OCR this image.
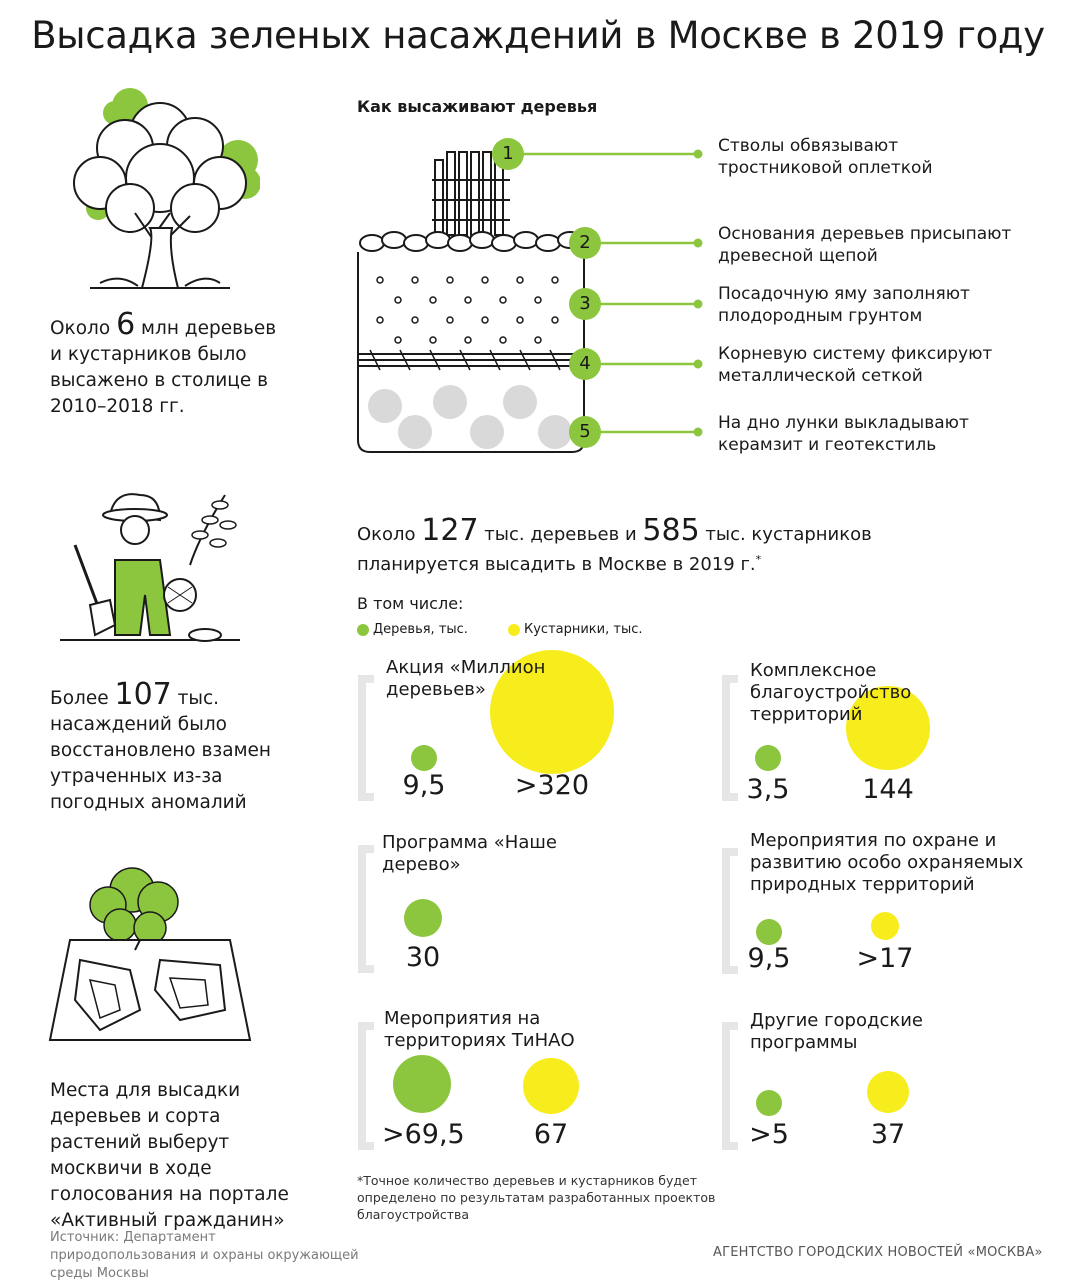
Высадка зеленых насаждений в Москве в 2019 году
Около 6 млн деревьев и кустарников было высажено в столице в 2010–2018 гг.
Более 107 тыс. насаждений было восстановлено взамен утраченных из-за погодных аномалий
Места для высадки деревьев и сорта растений выберут москвичи в ходе голосования на портале «Активный гражданин»
Источник: Департамент природопользования и охраны окружающей среды Москвы
Как высаживают деревья
1
2
3
4
5
Стволы обвязывают тростниковой оплеткой
Основания деревьев присыпают древесной щепой
Посадочную яму заполняют плодородным грунтом
Корневую систему фиксируют металлической сеткой
На дно лунки выкладывают керамзит и геотекстиль
Около 127 тыс. деревьев и 585 тыс. кустарников планируется высадить в Москве в 2019 г.*
В том числе:
Деревья, тыс.	Кустарники, тыс.
Акция «Миллион деревьев»
9,5	>320
Комплексное благоустройство территорий
3,5	144
Программа «Наше дерево»
30
Мероприятия по охране и развитию особо охраняемых природных территорий
9,5	>17
Мероприятия на территориях ТиНАО
>69,5	67
Другие городские программы
>5	37
*Точное количество деревьев и кустарников будет определено по результатам разработанных проектов благоустройства
АГЕНТСТВО ГОРОДСКИХ НОВОСТЕЙ «МОСКВА»
